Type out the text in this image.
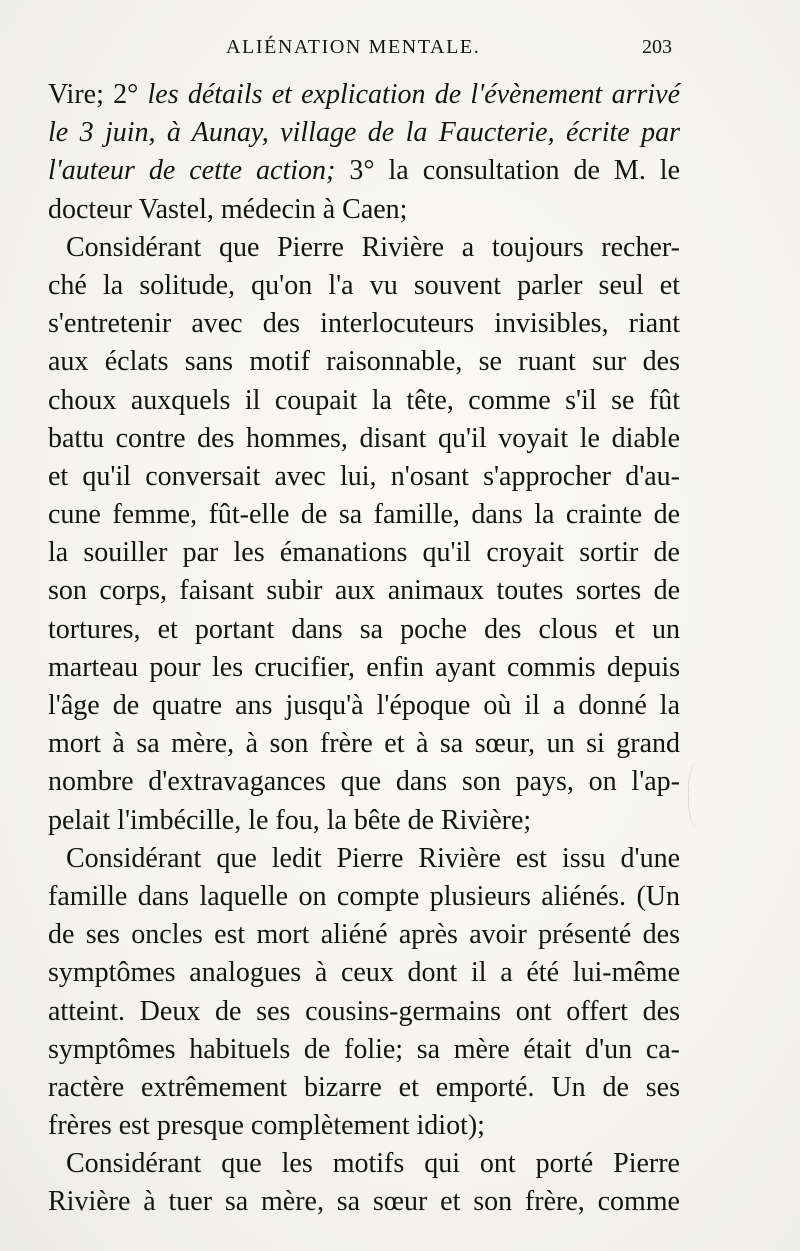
ALIÉNATION MENTALE.	203
Vire; 2° les détails et explication de l'évènement arrivé
le 3 juin, à Aunay, village de la Faucterie, écrite par
l'auteur de cette action; 3° la consultation de M. le
docteur Vastel, médecin à Caen;
Considérant que Pierre Rivière a toujours recher-
ché la solitude, qu'on l'a vu souvent parler seul et
s'entretenir avec des interlocuteurs invisibles, riant
aux éclats sans motif raisonnable, se ruant sur des
choux auxquels il coupait la tête, comme s'il se fût
battu contre des hommes, disant qu'il voyait le diable
et qu'il conversait avec lui, n'osant s'approcher d'au-
cune femme, fût-elle de sa famille, dans la crainte de
la souiller par les émanations qu'il croyait sortir de
son corps, faisant subir aux animaux toutes sortes de
tortures, et portant dans sa poche des clous et un
marteau pour les crucifier, enfin ayant commis depuis
l'âge de quatre ans jusqu'à l'époque où il a donné la
mort à sa mère, à son frère et à sa sœur, un si grand
nombre d'extravagances que dans son pays, on l'ap-
pelait l'imbécille, le fou, la bête de Rivière;
Considérant que ledit Pierre Rivière est issu d'une
famille dans laquelle on compte plusieurs aliénés. (Un
de ses oncles est mort aliéné après avoir présenté des
symptômes analogues à ceux dont il a été lui-même
atteint. Deux de ses cousins-germains ont offert des
symptômes habituels de folie; sa mère était d'un ca-
ractère extrêmement bizarre et emporté. Un de ses
frères est presque complètement idiot);
Considérant que les motifs qui ont porté Pierre
Rivière à tuer sa mère, sa sœur et son frère, comme
